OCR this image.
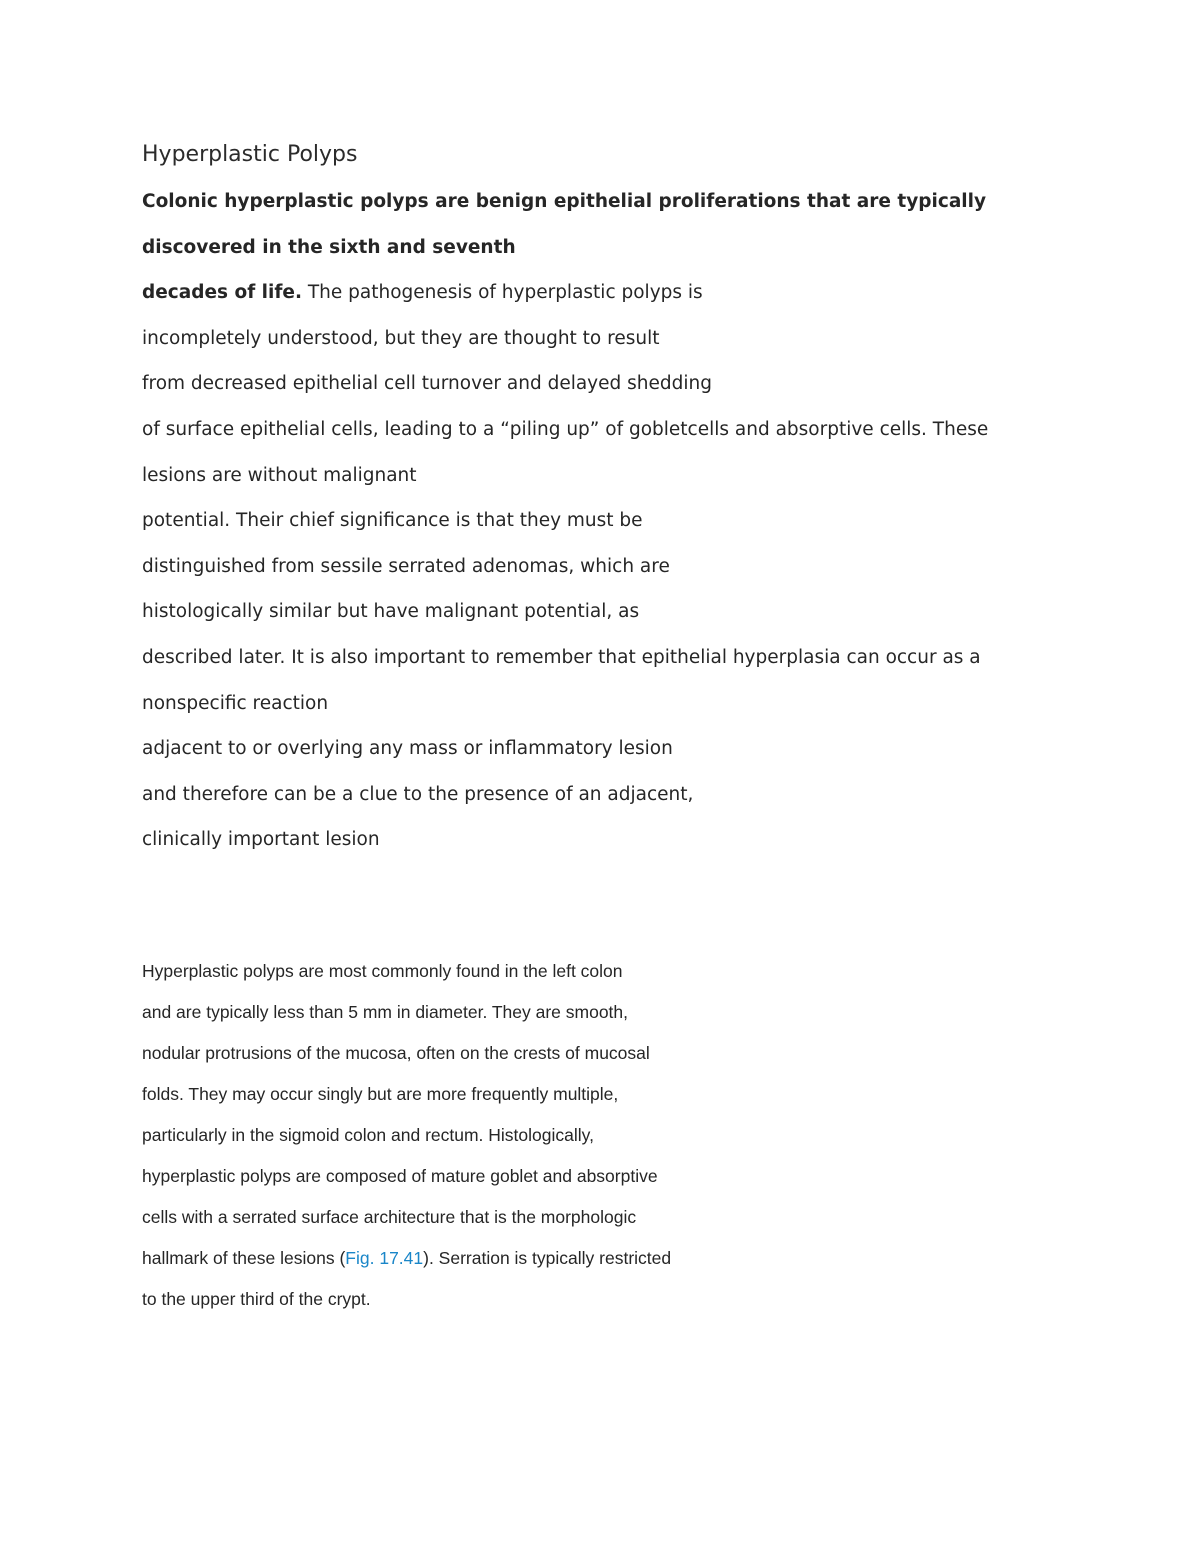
Hyperplastic Polyps
Colonic hyperplastic polyps are benign epithelial proliferations that are typically
discovered in the sixth and seventh
decades of life. The pathogenesis of hyperplastic polyps is
incompletely understood, but they are thought to result
from decreased epithelial cell turnover and delayed shedding
of surface epithelial cells, leading to a “piling up” of gobletcells and absorptive cells. These
lesions are without malignant
potential. Their chief significance is that they must be
distinguished from sessile serrated adenomas, which are
histologically similar but have malignant potential, as
described later. It is also important to remember that epithelial hyperplasia can occur as a
nonspecific reaction
adjacent to or overlying any mass or inflammatory lesion
and therefore can be a clue to the presence of an adjacent,
clinically important lesion
Hyperplastic polyps are most commonly found in the left colon
and are typically less than 5 mm in diameter. They are smooth,
nodular protrusions of the mucosa, often on the crests of mucosal
folds. They may occur singly but are more frequently multiple,
particularly in the sigmoid colon and rectum. Histologically,
hyperplastic polyps are composed of mature goblet and absorptive
cells with a serrated surface architecture that is the morphologic
hallmark of these lesions (Fig. 17.41). Serration is typically restricted
to the upper third of the crypt.
